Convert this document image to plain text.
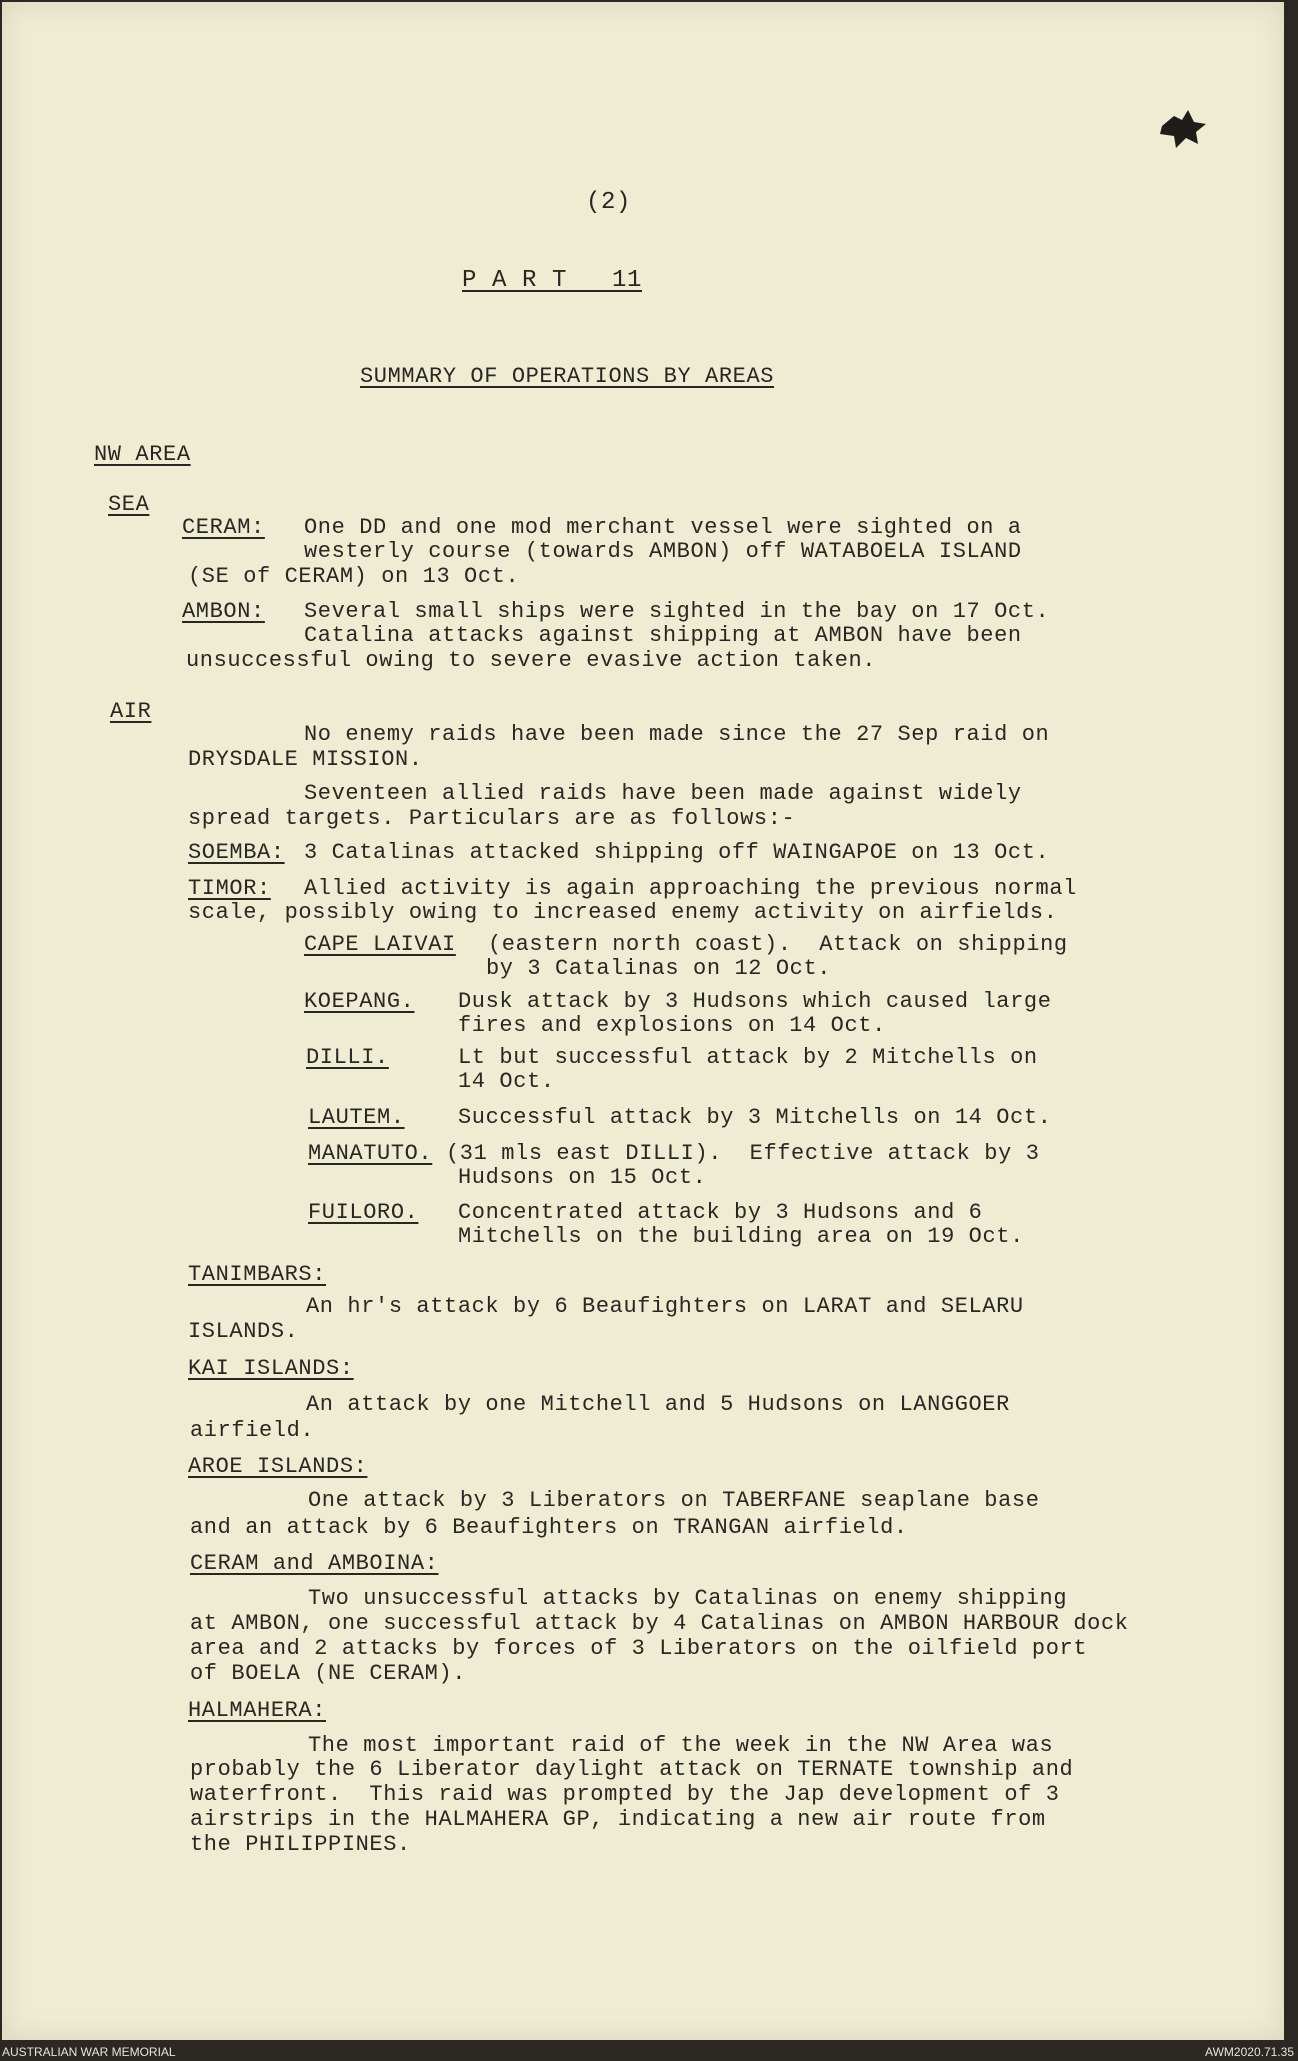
(2)
P A R T   11
SUMMARY OF OPERATIONS BY AREAS
NW AREA
SEA
CERAM: One DD and one mod merchant vessel were sighted on a
westerly course (towards AMBON) off WATABOELA ISLAND
(SE of CERAM) on 13 Oct.
AMBON: Several small ships were sighted in the bay on 17 Oct.
Catalina attacks against shipping at AMBON have been
unsuccessful owing to severe evasive action taken.
AIR
No enemy raids have been made since the 27 Sep raid on
DRYSDALE MISSION.
Seventeen allied raids have been made against widely
spread targets. Particulars are as follows:-
SOEMBA: 3 Catalinas attacked shipping off WAINGAPOE on 13 Oct.
TIMOR: Allied activity is again approaching the previous normal
scale, possibly owing to increased enemy activity on airfields.
CAPE LAIVAI (eastern north coast).  Attack on shipping
by 3 Catalinas on 12 Oct.
KOEPANG. Dusk attack by 3 Hudsons which caused large
fires and explosions on 14 Oct.
DILLI.	Lt but successful attack by 2 Mitchells on
14 Oct.
LAUTEM. Successful attack by 3 Mitchells on 14 Oct.
MANATUTO. (31 mls east DILLI).  Effective attack by 3
Hudsons on 15 Oct.
FUILORO. Concentrated attack by 3 Hudsons and 6
Mitchells on the building area on 19 Oct.
TANIMBARS:
An hr's attack by 6 Beaufighters on LARAT and SELARU
ISLANDS.
KAI ISLANDS:
An attack by one Mitchell and 5 Hudsons on LANGGOER
airfield.
AROE ISLANDS:
One attack by 3 Liberators on TABERFANE seaplane base
and an attack by 6 Beaufighters on TRANGAN airfield.
CERAM and AMBOINA:
Two unsuccessful attacks by Catalinas on enemy shipping
at AMBON, one successful attack by 4 Catalinas on AMBON HARBOUR dock
area and 2 attacks by forces of 3 Liberators on the oilfield port
of BOELA (NE CERAM).
HALMAHERA:
The most important raid of the week in the NW Area was
probably the 6 Liberator daylight attack on TERNATE township and
waterfront.  This raid was prompted by the Jap development of 3
airstrips in the HALMAHERA GP, indicating a new air route from
the PHILIPPINES.
AUSTRALIAN WAR MEMORIAL	AWM2020.71.35
